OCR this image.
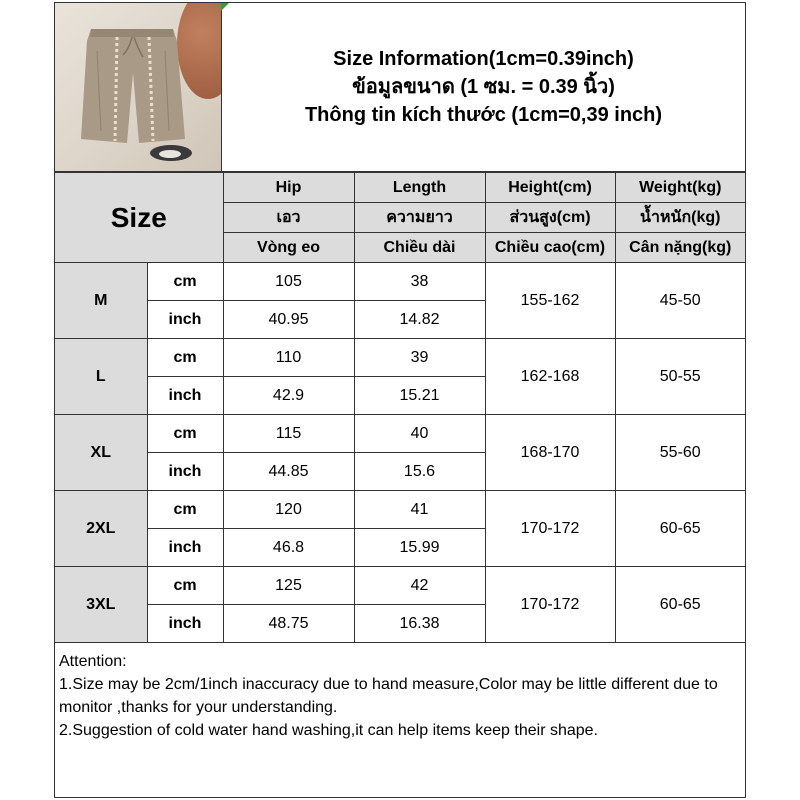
Size Information(1cm=0.39inch)
ข้อมูลขนาด (1 ซม. = 0.39 นิ้ว)
Thông tin kích thước (1cm=0,39 inch)
Size		Hip	Length	Height(cm)	Weight(kg)
		เอว	ความยาว	ส่วนสูง(cm)	น้ำหนัก(kg)
		Vòng eo	Chiều dài	Chiều cao(cm)	Cân nặng(kg)
M	cm	105	38	155-162	45-50
	inch	40.95	14.82		
L	cm	110	39	162-168	50-55
	inch	42.9	15.21		
XL	cm	115	40	168-170	55-60
	inch	44.85	15.6		
2XL	cm	120	41	170-172	60-65
	inch	46.8	15.99		
3XL	cm	125	42	170-172	60-65
	inch	48.75	16.38		
Attention:
1.Size may be 2cm/1inch inaccuracy due to hand measure,Color may be little different due to monitor ,thanks for your understanding.
2.Suggestion of cold water hand washing,it can help items keep their shape.
